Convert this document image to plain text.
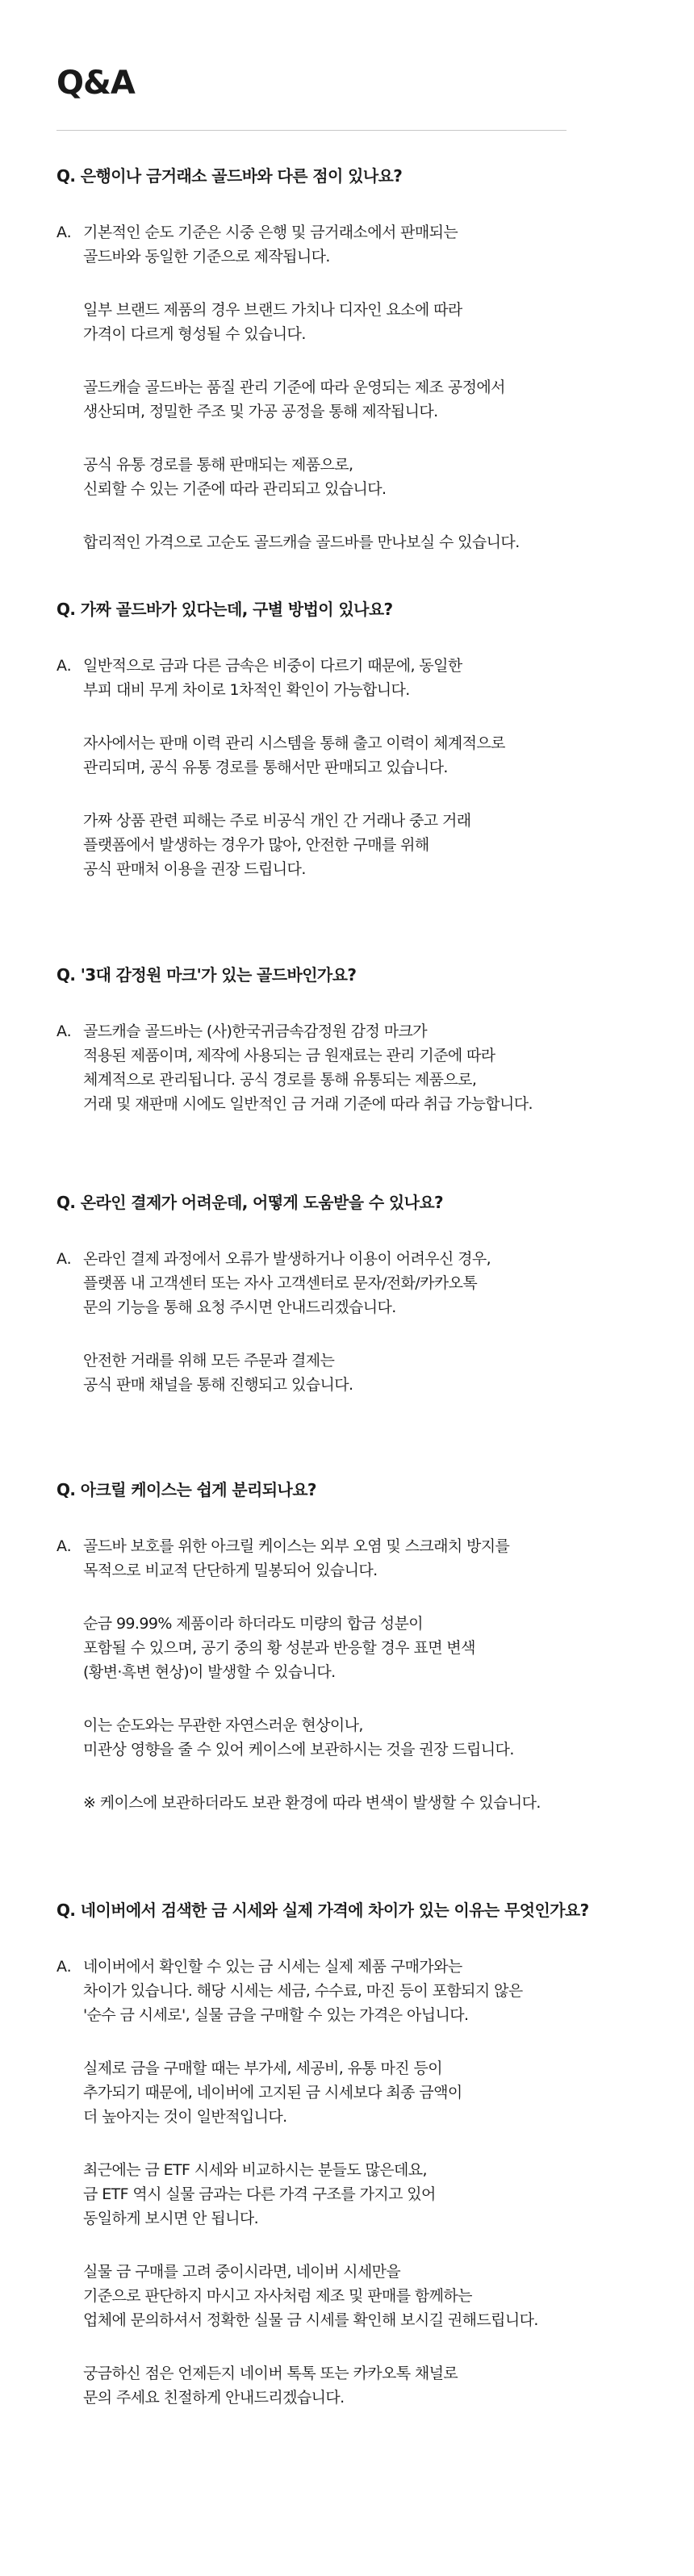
Q&A
Q. 은행이나 금거래소 골드바와 다른 점이 있나요?
A. 기본적인 순도 기준은 시중 은행 및 금거래소에서 판매되는
골드바와 동일한 기준으로 제작됩니다.

일부 브랜드 제품의 경우 브랜드 가치나 디자인 요소에 따라
가격이 다르게 형성될 수 있습니다.

골드캐슬 골드바는 품질 관리 기준에 따라 운영되는 제조 공정에서
생산되며, 정밀한 주조 및 가공 공정을 통해 제작됩니다.

공식 유통 경로를 통해 판매되는 제품으로,
신뢰할 수 있는 기준에 따라 관리되고 있습니다.

합리적인 가격으로 고순도 골드캐슬 골드바를 만나보실 수 있습니다.

Q. 가짜 골드바가 있다는데, 구별 방법이 있나요?
A. 일반적으로 금과 다른 금속은 비중이 다르기 때문에, 동일한
부피 대비 무게 차이로 1차적인 확인이 가능합니다.

자사에서는 판매 이력 관리 시스템을 통해 출고 이력이 체계적으로
관리되며, 공식 유통 경로를 통해서만 판매되고 있습니다.

가짜 상품 관련 피해는 주로 비공식 개인 간 거래나 중고 거래
플랫폼에서 발생하는 경우가 많아, 안전한 구매를 위해
공식 판매처 이용을 권장 드립니다.

Q. '3대 감정원 마크'가 있는 골드바인가요?
A. 골드캐슬 골드바는 (사)한국귀금속감정원 감정 마크가
적용된 제품이며, 제작에 사용되는 금 원재료는 관리 기준에 따라
체계적으로 관리됩니다. 공식 경로를 통해 유통되는 제품으로,
거래 및 재판매 시에도 일반적인 금 거래 기준에 따라 취급 가능합니다.

Q. 온라인 결제가 어려운데, 어떻게 도움받을 수 있나요?
A. 온라인 결제 과정에서 오류가 발생하거나 이용이 어려우신 경우,
플랫폼 내 고객센터 또는 자사 고객센터로 문자/전화/카카오톡
문의 기능을 통해 요청 주시면 안내드리겠습니다.

안전한 거래를 위해 모든 주문과 결제는
공식 판매 채널을 통해 진행되고 있습니다.

Q. 아크릴 케이스는 쉽게 분리되나요?
A. 골드바 보호를 위한 아크릴 케이스는 외부 오염 및 스크래치 방지를
목적으로 비교적 단단하게 밀봉되어 있습니다.

순금 99.99% 제품이라 하더라도 미량의 합금 성분이
포함될 수 있으며, 공기 중의 황 성분과 반응할 경우 표면 변색
(황변·흑변 현상)이 발생할 수 있습니다.

이는 순도와는 무관한 자연스러운 현상이나,
미관상 영향을 줄 수 있어 케이스에 보관하시는 것을 권장 드립니다.

※ 케이스에 보관하더라도 보관 환경에 따라 변색이 발생할 수 있습니다.

Q. 네이버에서 검색한 금 시세와 실제 가격에 차이가 있는 이유는 무엇인가요?
A. 네이버에서 확인할 수 있는 금 시세는 실제 제품 구매가와는
차이가 있습니다. 해당 시세는 세금, 수수료, 마진 등이 포함되지 않은
'순수 금 시세로', 실물 금을 구매할 수 있는 가격은 아닙니다.

실제로 금을 구매할 때는 부가세, 세공비, 유통 마진 등이
추가되기 때문에, 네이버에 고지된 금 시세보다 최종 금액이
더 높아지는 것이 일반적입니다.

최근에는 금 ETF 시세와 비교하시는 분들도 많은데요,
금 ETF 역시 실물 금과는 다른 가격 구조를 가지고 있어
동일하게 보시면 안 됩니다.

실물 금 구매를 고려 중이시라면, 네이버 시세만을
기준으로 판단하지 마시고 자사처럼 제조 및 판매를 함께하는
업체에 문의하셔서 정확한 실물 금 시세를 확인해 보시길 권해드립니다.

궁금하신 점은 언제든지 네이버 톡톡 또는 카카오톡 채널로
문의 주세요 친절하게 안내드리겠습니다.
